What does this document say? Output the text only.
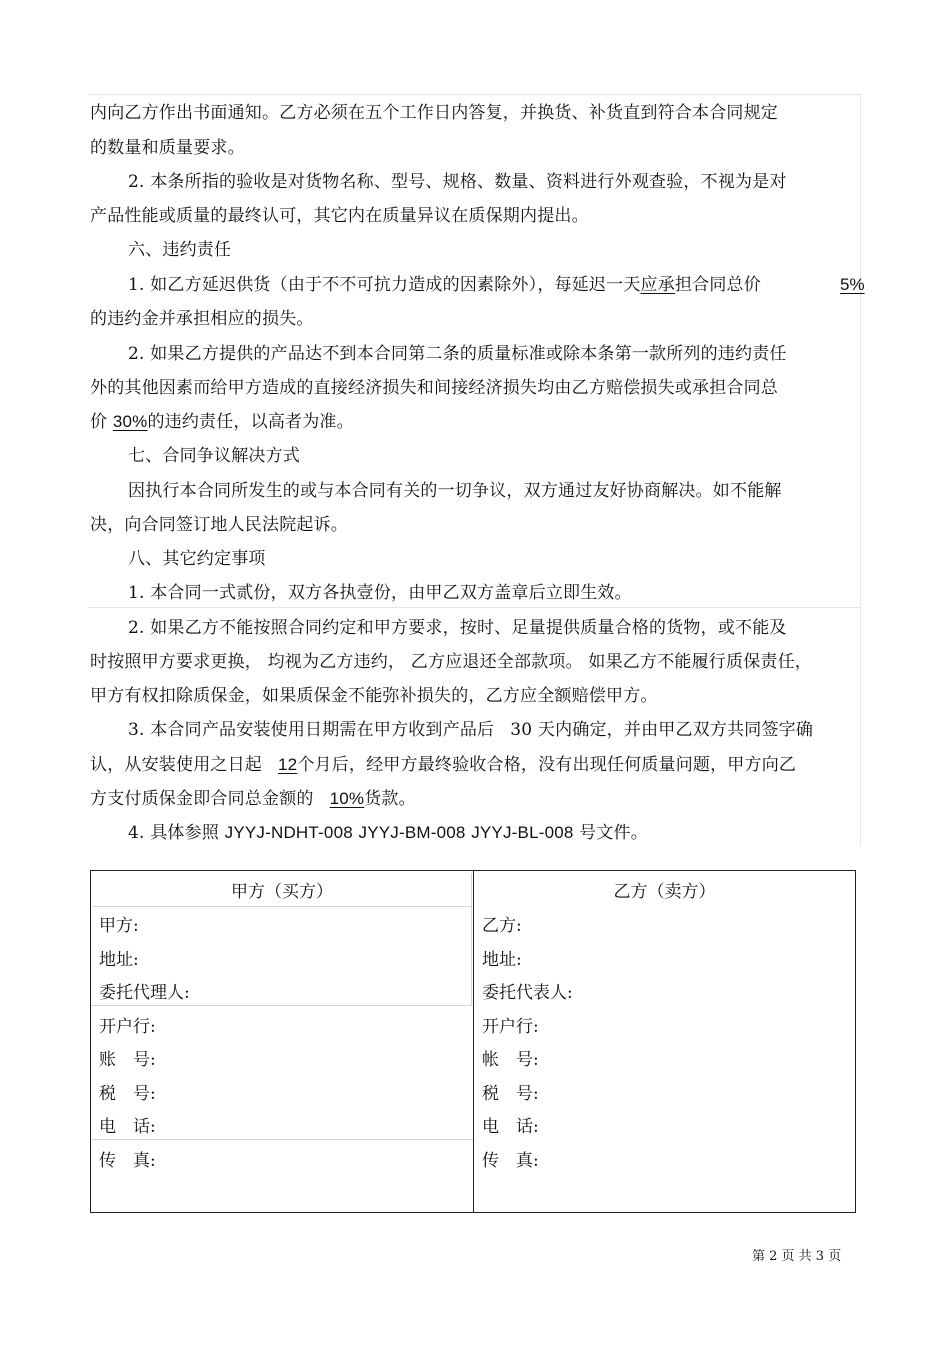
内向乙方作出书面通知。乙方必须在五个工作日内答复，并换货、补货直到符合本合同规定
的数量和质量要求。
2. 本条所指的验收是对货物名称、型号、规格、数量、资料进行外观查验，不视为是对
产品性能或质量的最终认可，其它内在质量异议在质保期内提出。
六、违约责任
1. 如乙方延迟供货（由于不不可抗力造成的因素除外），每延迟一天应承担合同总价	5%
的违约金并承担相应的损失。
2. 如果乙方提供的产品达不到本合同第二条的质量标准或除本条第一款所列的违约责任
外的其他因素而给甲方造成的直接经济损失和间接经济损失均由乙方赔偿损失或承担合同总
价 30%的违约责任，以高者为准。
七、合同争议解决方式
因执行本合同所发生的或与本合同有关的一切争议，双方通过友好协商解决。如不能解
决，向合同签订地人民法院起诉。
八、其它约定事项
1. 本合同一式贰份，双方各执壹份，由甲乙双方盖章后立即生效。
2. 如果乙方不能按照合同约定和甲方要求，按时、足量提供质量合格的货物，或不能及
时按照甲方要求更换， 均视为乙方违约， 乙方应退还全部款项。 如果乙方不能履行质保责任，
甲方有权扣除质保金，如果质保金不能弥补损失的，乙方应全额赔偿甲方。
3. 本合同产品安装使用日期需在甲方收到产品后 30 天内确定，并由甲乙双方共同签字确
认，从安装使用之日起 12个月后，经甲方最终验收合格，没有出现任何质量问题，甲方向乙
方支付质保金即合同总金额的 10%货款。
4. 具体参照 JYYJ-NDHT-008 JYYJ-BM-008 JYYJ-BL-008 号文件。
甲方（买方）
甲方:
地址:
委托代理人:
开户行:
账　号:
税　号:
电　话:
传　真:
乙方（卖方）
乙方:
地址:
委托代表人:
开户行:
帐　号:
税　号:
电　话:
传　真:
第 2 页 共 3 页
